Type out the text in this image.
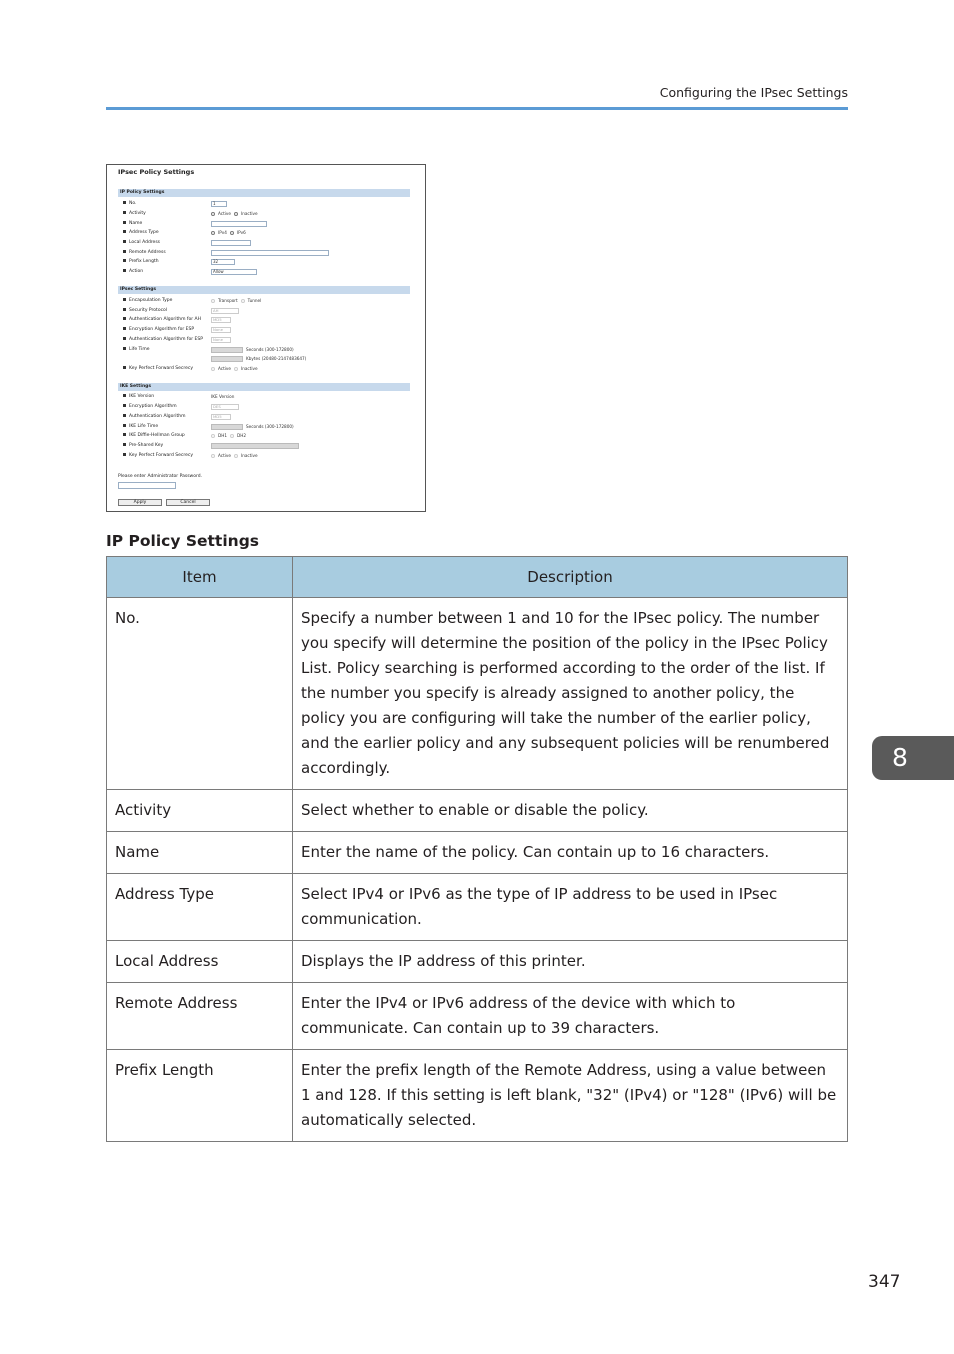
Configuring the IPsec Settings
IPsec Policy Settings
IP Policy Settings
No.	1
Activity	Active Inactive
Name
Address Type	IPv4 IPv6
Local Address
Remote Address
Prefix Length	32
Action	Allow
IPsec Settings
Encapsulation Type	Transport Tunnel
Security Protocol	AH
Authentication Algorithm for AH	MD5
Encryption Algorithm for ESP	None
Authentication Algorithm for ESP	None
Life Time	Seconds (300-172800)
Kbytes (20480-2147483647)
Key Perfect Forward Secrecy	Active Inactive
IKE Settings
IKE Version	IKE Version
Encryption Algorithm	DES
Authentication Algorithm	MD5
IKE Life Time	Seconds (300-172800)
IKE Diffie-Hellman Group	DH1 DH2
Pre-Shared Key
Key Perfect Forward Secrecy	Active Inactive
Please enter Administrator Password.
Apply	Cancel
IP Policy Settings
Item	Description
No.	Specify a number between 1 and 10 for the IPsec policy. The number you specify will determine the position of the policy in the IPsec Policy List. Policy searching is performed according to the order of the list. If the number you specify is already assigned to another policy, the policy you are configuring will take the number of the earlier policy, and the earlier policy and any subsequent policies will be renumbered accordingly.
Activity	Select whether to enable or disable the policy.
Name	Enter the name of the policy. Can contain up to 16 characters.
Address Type	Select IPv4 or IPv6 as the type of IP address to be used in IPsec communication.
Local Address	Displays the IP address of this printer.
Remote Address	Enter the IPv4 or IPv6 address of the device with which to communicate. Can contain up to 39 characters.
Prefix Length	Enter the prefix length of the Remote Address, using a value between 1 and 128. If this setting is left blank, "32" (IPv4) or "128" (IPv6) will be automatically selected.
8
347
